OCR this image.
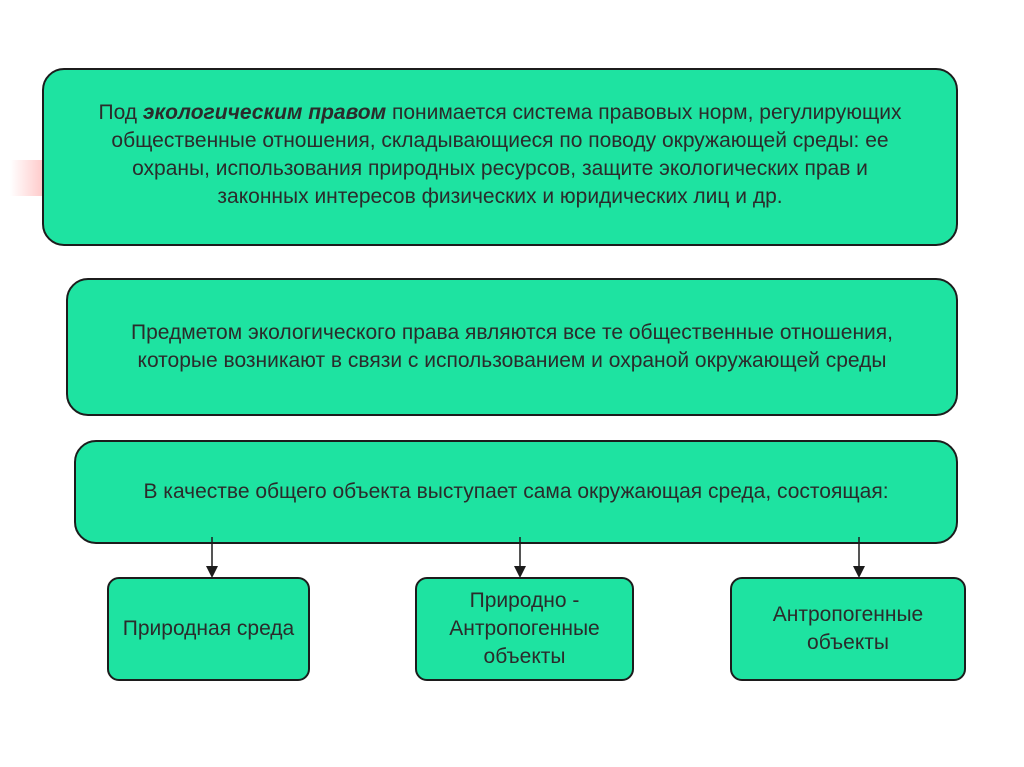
Под экологическим правом понимается система правовых норм, регулирующих общественные отношения, складывающиеся по поводу окружающей среды: ее охраны, использования природных ресурсов, защите экологических прав и законных интересов физических и юридических лиц и др.
Предметом экологического права являются все те общественные отношения, которые возникают в связи с использованием и охраной окружающей среды
В качестве общего объекта выступает сама окружающая среда, состоящая:
Природная среда
Природно - Антропогенные объекты
Антропогенные объекты
